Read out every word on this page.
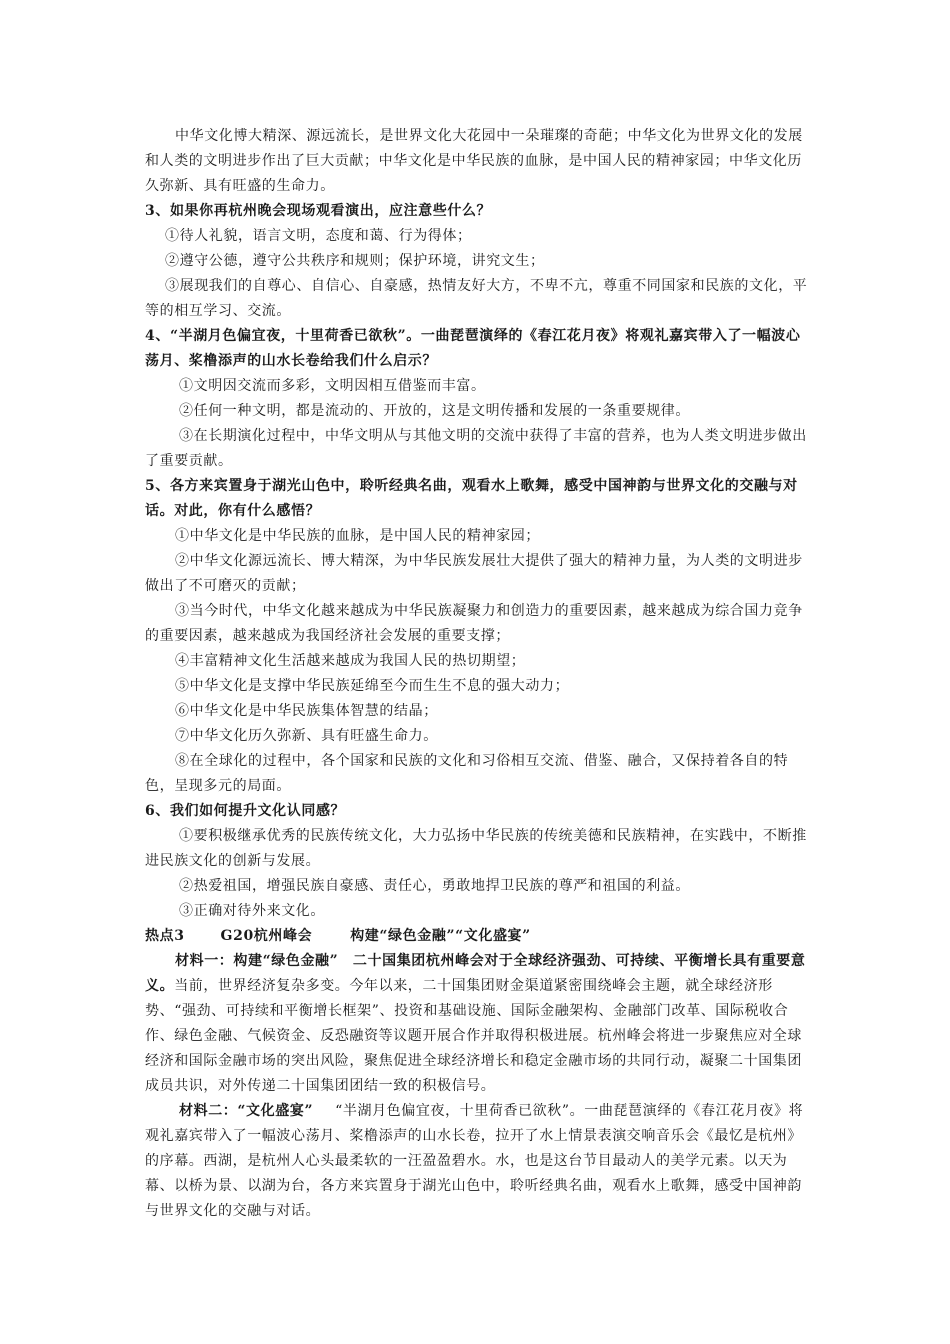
中华文化博大精深、源远流长，是世界文化大花园中一朵璀璨的奇葩；中华文化为世界文化的发展和人类的文明进步作出了巨大贡献；中华文化是中华民族的血脉，是中国人民的精神家园；中华文化历久弥新、具有旺盛的生命力。

3、如果你再杭州晚会现场观看演出，应注意些什么？

①待人礼貌，语言文明，态度和蔼、行为得体；

②遵守公德，遵守公共秩序和规则；保护环境，讲究文生；

③展现我们的自尊心、自信心、自豪感，热情友好大方，不卑不亢，尊重不同国家和民族的文化，平等的相互学习、交流。

4、“半湖月色偏宜夜，十里荷香已欲秋”。一曲琵琶演绎的《春江花月夜》将观礼嘉宾带入了一幅波心荡月、桨橹添声的山水长卷给我们什么启示？

①文明因交流而多彩，文明因相互借鉴而丰富。

②任何一种文明，都是流动的、开放的，这是文明传播和发展的一条重要规律。

③在长期演化过程中，中华文明从与其他文明的交流中获得了丰富的营养，也为人类文明进步做出了重要贡献。

5、各方来宾置身于湖光山色中，聆听经典名曲，观看水上歌舞，感受中国神韵与世界文化的交融与对话。对此，你有什么感悟？

①中华文化是中华民族的血脉，是中国人民的精神家园；

②中华文化源远流长、博大精深，为中华民族发展壮大提供了强大的精神力量，为人类的文明进步做出了不可磨灭的贡献；

③当今时代，中华文化越来越成为中华民族凝聚力和创造力的重要因素，越来越成为综合国力竞争的重要因素，越来越成为我国经济社会发展的重要支撑；

④丰富精神文化生活越来越成为我国人民的热切期望；

⑤中华文化是支撑中华民族延绵至今而生生不息的强大动力；

⑥中华文化是中华民族集体智慧的结晶；

⑦中华文化历久弥新、具有旺盛生命力。

⑧在全球化的过程中，各个国家和民族的文化和习俗相互交流、借鉴、融合，又保持着各自的特色，呈现多元的局面。

6、我们如何提升文化认同感？

①要积极继承优秀的民族传统文化，大力弘扬中华民族的传统美德和民族精神，在实践中，不断推进民族文化的创新与发展。

②热爱祖国，增强民族自豪感、责任心，勇敢地捍卫民族的尊严和祖国的利益。

③正确对待外来文化。

热点3	G20杭州峰会	构建“绿色金融”“文化盛宴”

材料一：构建“绿色金融”　二十国集团杭州峰会对于全球经济强劲、可持续、平衡增长具有重要意义。当前，世界经济复杂多变。今年以来，二十国集团财金渠道紧密围绕峰会主题，就全球经济形势、“强劲、可持续和平衡增长框架”、投资和基础设施、国际金融架构、金融部门改革、国际税收合作、绿色金融、气候资金、反恐融资等议题开展合作并取得积极进展。杭州峰会将进一步聚焦应对全球经济和国际金融市场的突出风险，聚焦促进全球经济增长和稳定金融市场的共同行动，凝聚二十国集团成员共识，对外传递二十国集团团结一致的积极信号。

材料二：“文化盛宴” “半湖月色偏宜夜，十里荷香已欲秋”。一曲琵琶演绎的《春江花月夜》将观礼嘉宾带入了一幅波心荡月、桨橹添声的山水长卷，拉开了水上情景表演交响音乐会《最忆是杭州》的序幕。西湖，是杭州人心头最柔软的一汪盈盈碧水。水，也是这台节目最动人的美学元素。以天为幕、以桥为景、以湖为台，各方来宾置身于湖光山色中，聆听经典名曲，观看水上歌舞，感受中国神韵与世界文化的交融与对话。
